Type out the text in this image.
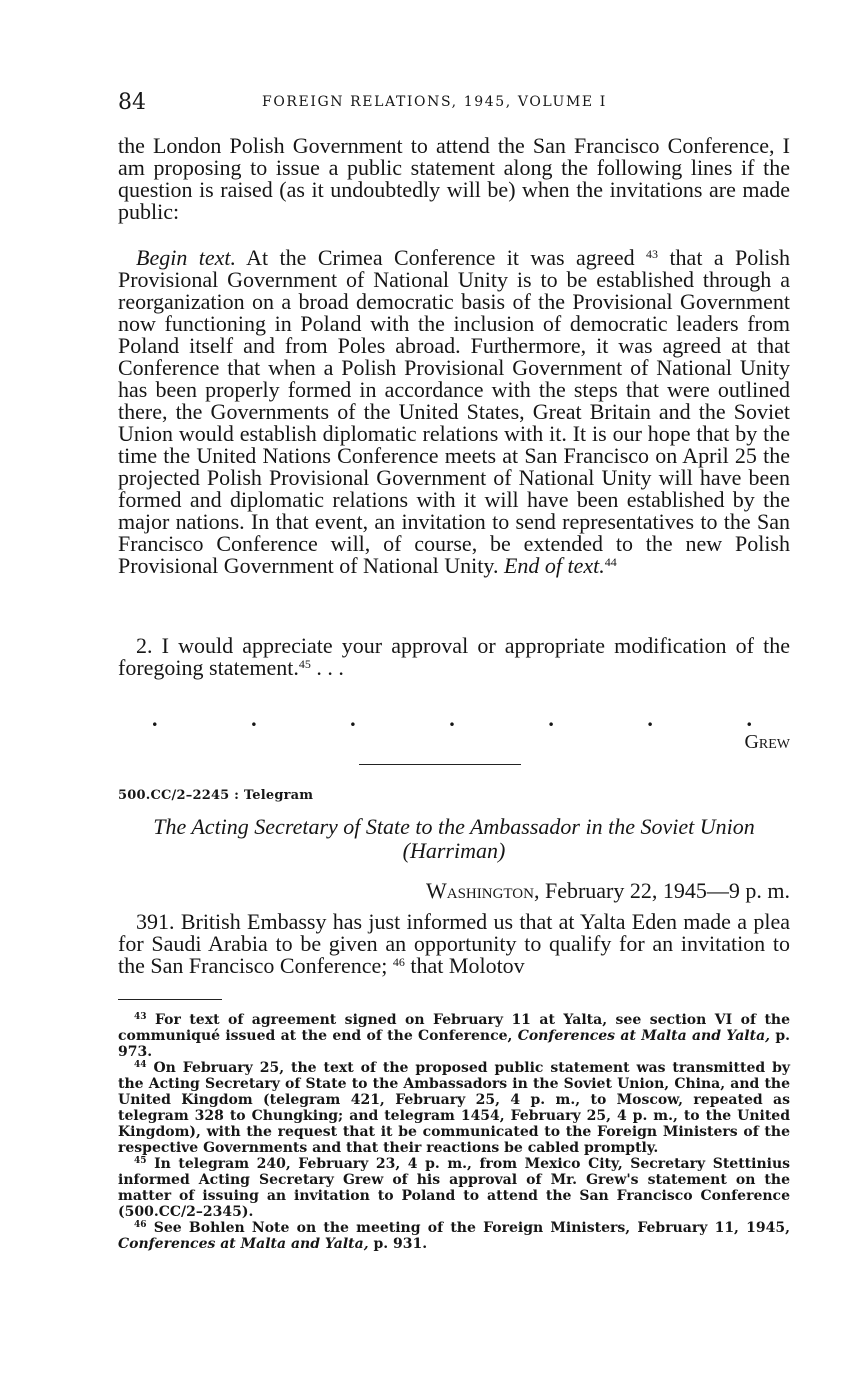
84	FOREIGN RELATIONS, 1945, VOLUME I

the London Polish Government to attend the San Francisco Conference, I am proposing to issue a public statement along the following lines if the question is raised (as it undoubtedly will be) when the invitations are made public:

Begin text. At the Crimea Conference it was agreed $^{43}$ that a Polish Provisional Government of National Unity is to be established through a reorganization on a broad democratic basis of the Provisional Government now functioning in Poland with the inclusion of democratic leaders from Poland itself and from Poles abroad. Furthermore, it was agreed at that Conference that when a Polish Provisional Government of National Unity has been properly formed in accordance with the steps that were outlined there, the Governments of the United States, Great Britain and the Soviet Union would establish diplomatic relations with it. It is our hope that by the time the United Nations Conference meets at San Francisco on April 25 the projected Polish Provisional Government of National Unity will have been formed and diplomatic relations with it will have been established by the major nations. In that event, an invitation to send representatives to the San Francisco Conference will, of course, be extended to the new Polish Provisional Government of National Unity. End of text.$^{44}$

2. I would appreciate your approval or appropriate modification of the foregoing statement.$^{45}$ . . .

.	.	.	.	.	.	.
Grew
500.CC/2–2245 : Telegram
The Acting Secretary of State to the Ambassador in the Soviet Union
(Harriman)
Washington, February 22, 1945—9 p. m.

391. British Embassy has just informed us that at Yalta Eden made a plea for Saudi Arabia to be given an opportunity to qualify for an invitation to the San Francisco Conference; $^{46}$ that Molotov

$^{43}$ For text of agreement signed on February 11 at Yalta, see section VI of the communiqué issued at the end of the Conference, Conferences at Malta and Yalta, p. 973.

$^{44}$ On February 25, the text of the proposed public statement was transmitted by the Acting Secretary of State to the Ambassadors in the Soviet Union, China, and the United Kingdom (telegram 421, February 25, 4 p. m., to Moscow, repeated as telegram 328 to Chungking; and telegram 1454, February 25, 4 p. m., to the United Kingdom), with the request that it be communicated to the Foreign Ministers of the respective Governments and that their reactions be cabled promptly.

$^{45}$ In telegram 240, February 23, 4 p. m., from Mexico City, Secretary Stettinius informed Acting Secretary Grew of his approval of Mr. Grew's statement on the matter of issuing an invitation to Poland to attend the San Francisco Conference (500.CC/2–2345).

$^{46}$ See Bohlen Note on the meeting of the Foreign Ministers, February 11, 1945, Conferences at Malta and Yalta, p. 931.
